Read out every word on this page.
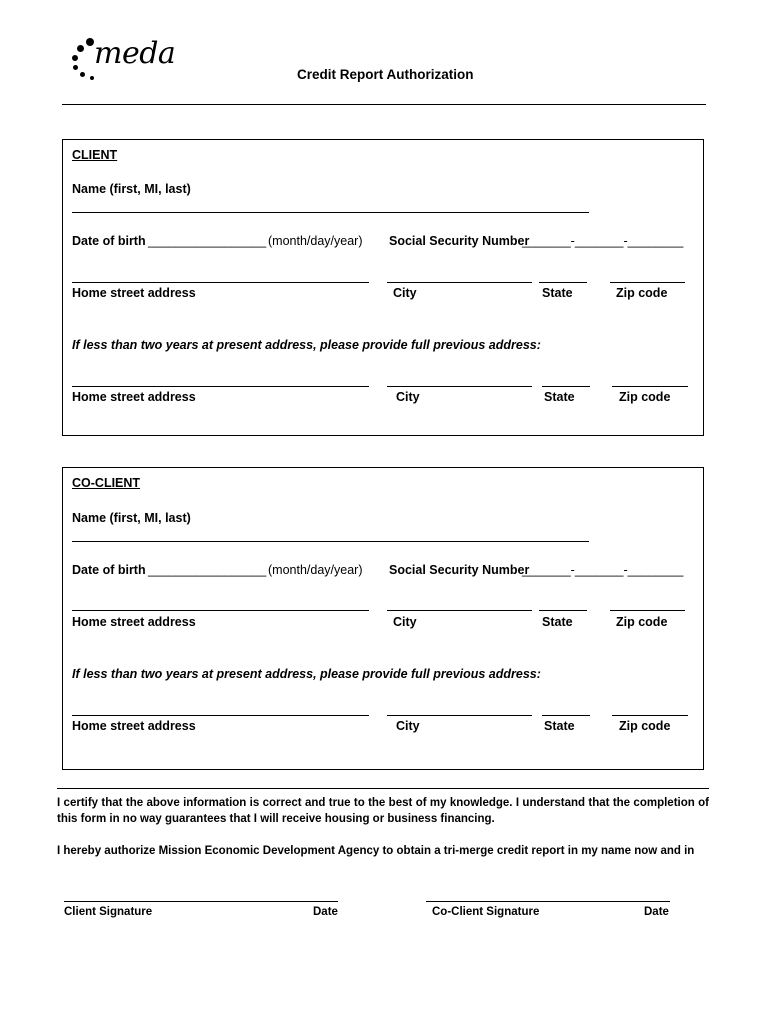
meda
Credit Report Authorization
CLIENT
Name (first, MI, last)
Date of birth _________________ (month/day/year) Social Security Number
_______-_______-________
Home street address	City	State	Zip code
If less than two years at present address, please provide full previous address:
Home street address	City	State	Zip code
CO-CLIENT
Name (first, MI, last)
Date of birth _________________ (month/day/year) Social Security Number
_______-_______-________
Home street address	City	State	Zip code
If less than two years at present address, please provide full previous address:
Home street address	City	State	Zip code
I certify that the above information is correct and true to the best of my knowledge. I understand that the completion of this form in no way guarantees that I will receive housing or business financing.
I hereby authorize Mission Economic Development Agency to obtain a tri-merge credit report in my name now and in
Client Signature	Date	Co-Client Signature	Date
